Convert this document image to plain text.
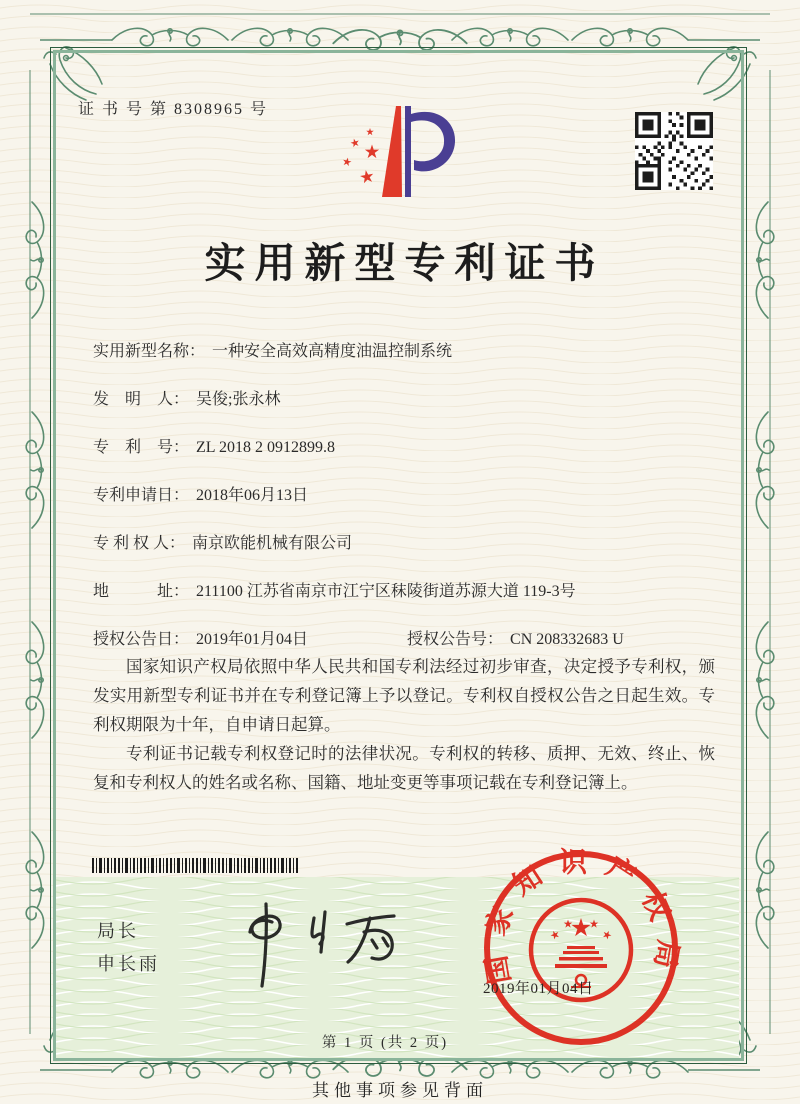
证 书 号 第 8308965 号
实用新型专利证书
实用新型名称： 一种安全高效高精度油温控制系统
发　明　人： 吴俊;张永林
专　利　号： ZL 2018 2 0912899.8
专利申请日： 2018年06月13日
专 利 权 人： 南京欧能机械有限公司
地　　　址： 211100 江苏省南京市江宁区秣陵街道苏源大道 119-3号
授权公告日： 2019年01月04日	授权公告号： CN 208332683 U

国家知识产权局依照中华人民共和国专利法经过初步审查，决定授予专利权，颁发实用新型专利证书并在专利登记簿上予以登记。专利权自授权公告之日起生效。专利权期限为十年，自申请日起算。

专利证书记载专利权登记时的法律状况。专利权的转移、质押、无效、终止、恢复和专利权人的姓名或名称、国籍、地址变更等事项记载在专利登记簿上。

局长
申长雨	国家知识产权局
2019年01月04日
第 1 页 (共 2 页)
其他事项参见背面
